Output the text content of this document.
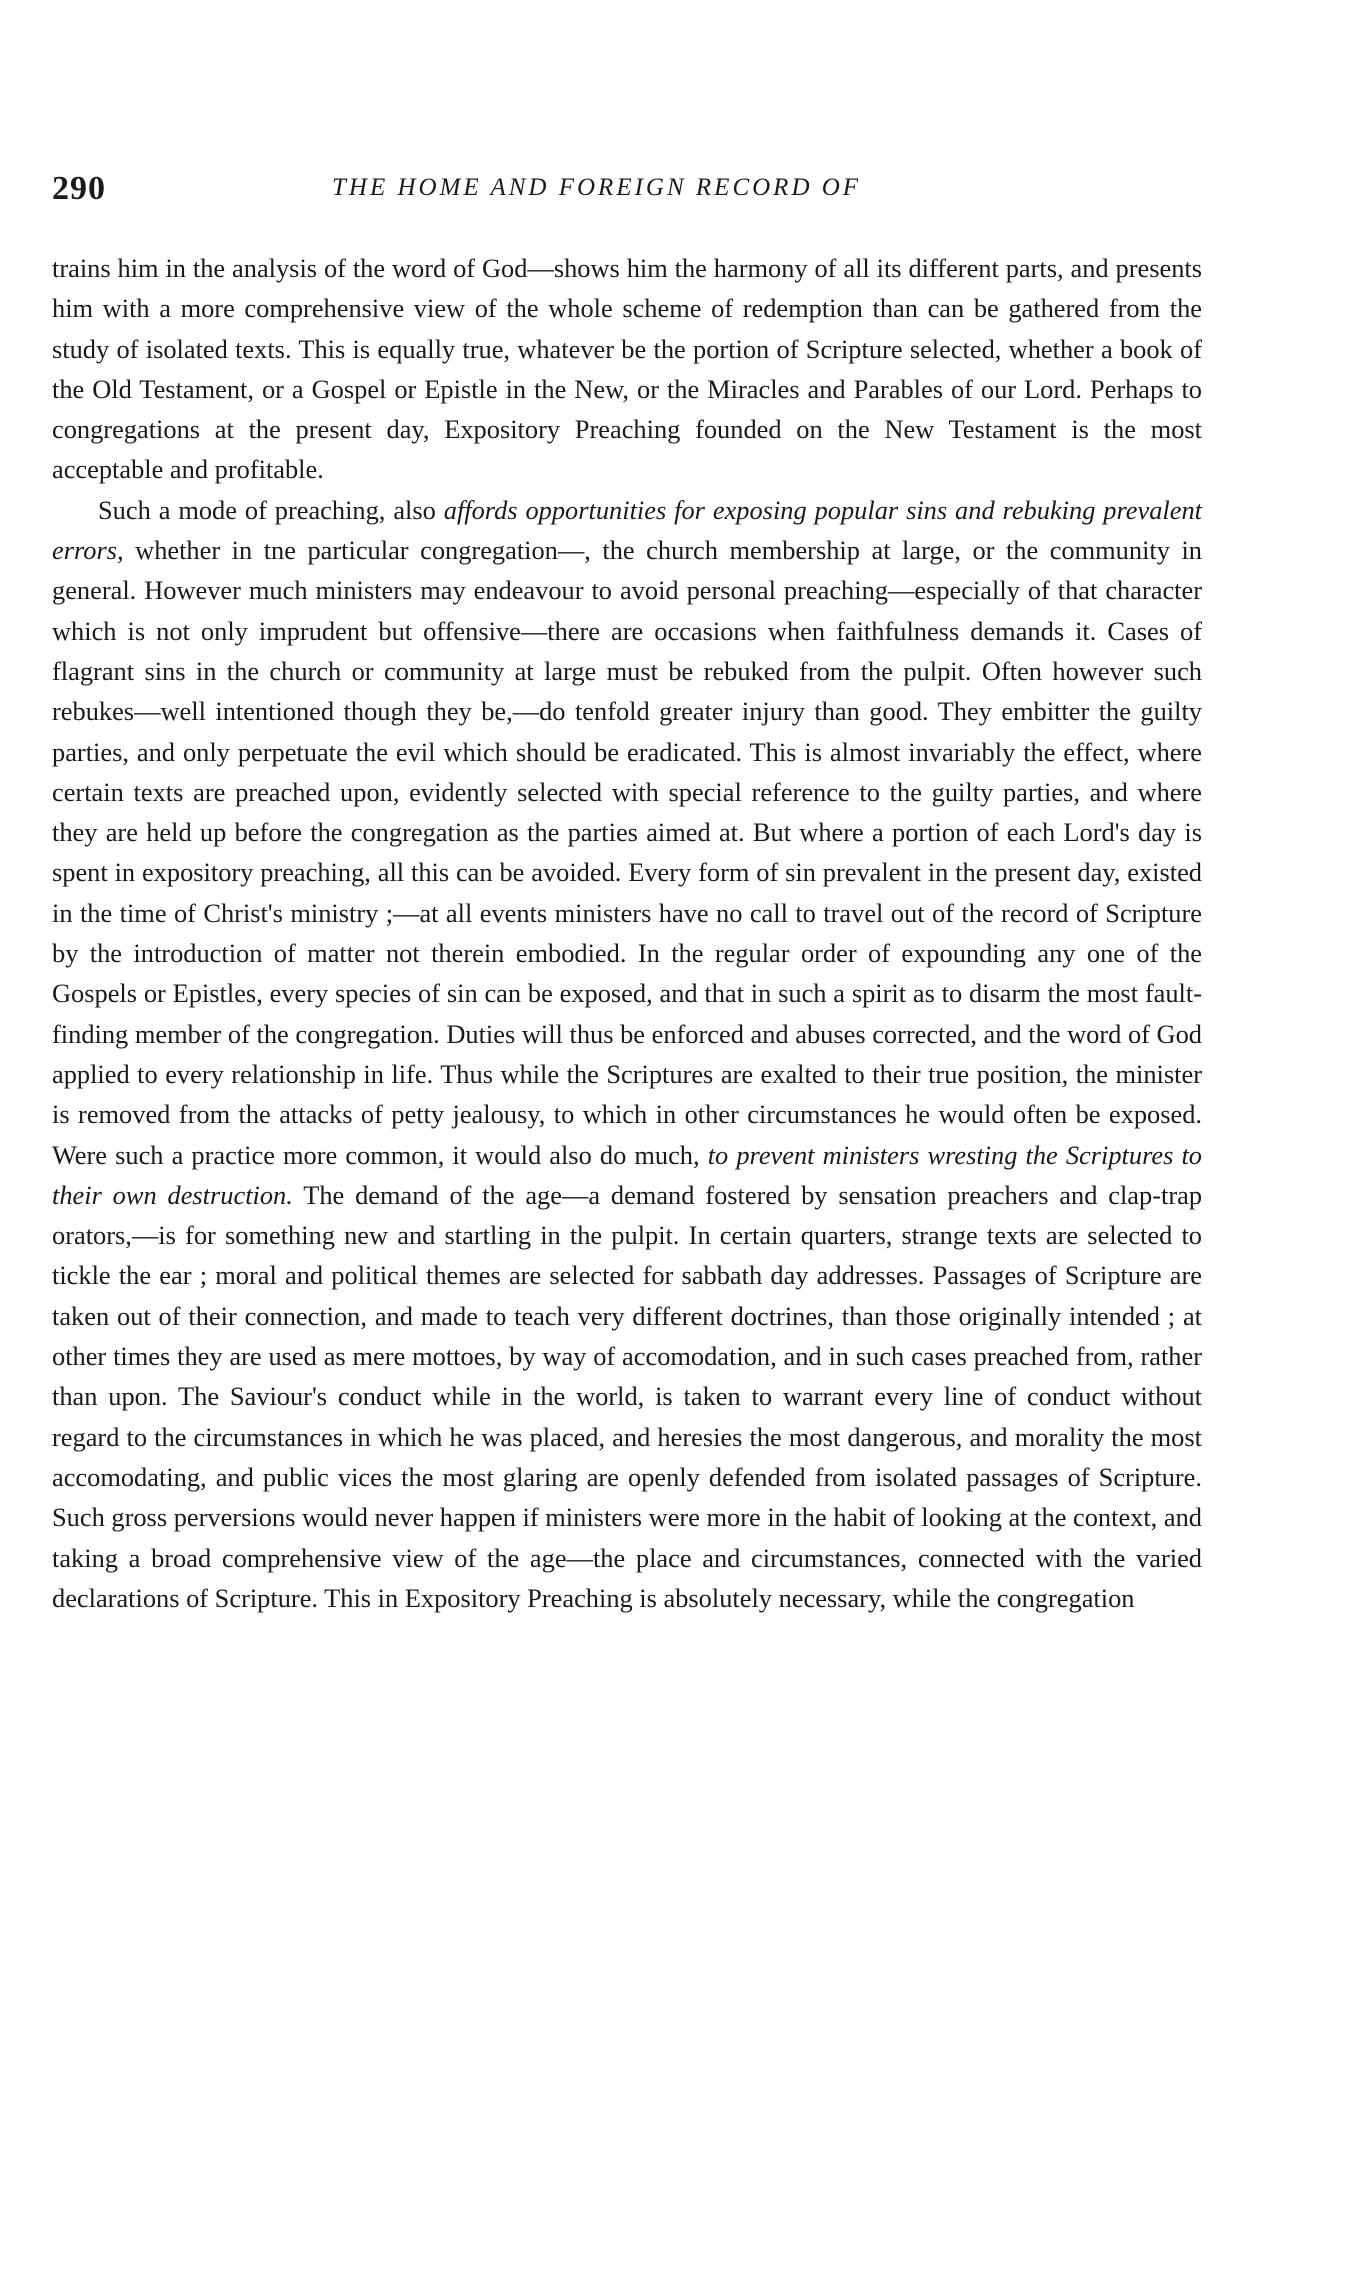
290	THE HOME AND FOREIGN RECORD OF

trains him in the analysis of the word of God—shows him the harmony of all its different parts, and presents him with a more comprehensive view of the whole scheme of redemption than can be gathered from the study of isolated texts. This is equally true, whatever be the portion of Scripture selected, whether a book of the Old Testament, or a Gospel or Epistle in the New, or the Miracles and Parables of our Lord. Perhaps to congregations at the present day, Expository Preaching founded on the New Testament is the most acceptable and profitable.

Such a mode of preaching, also affords opportunities for exposing popular sins and rebuking prevalent errors, whether in tne particular congregation—, the church membership at large, or the community in general. However much ministers may endeavour to avoid personal preaching—especially of that character which is not only imprudent but offensive—there are occasions when faithfulness demands it. Cases of flagrant sins in the church or community at large must be rebuked from the pulpit. Often however such rebukes—well intentioned though they be,—do tenfold greater injury than good. They embitter the guilty parties, and only perpetuate the evil which should be eradicated. This is almost invariably the effect, where certain texts are preached upon, evidently selected with special reference to the guilty parties, and where they are held up before the congregation as the parties aimed at. But where a portion of each Lord's day is spent in expository preaching, all this can be avoided. Every form of sin prevalent in the present day, existed in the time of Christ's ministry ;—at all events ministers have no call to travel out of the record of Scripture by the introduction of matter not therein embodied. In the regular order of expounding any one of the Gospels or Epistles, every species of sin can be exposed, and that in such a spirit as to disarm the most fault-finding member of the congregation. Duties will thus be enforced and abuses corrected, and the word of God applied to every relationship in life. Thus while the Scriptures are exalted to their true position, the minister is removed from the attacks of petty jealousy, to which in other circumstances he would often be exposed. Were such a practice more common, it would also do much, to prevent ministers wresting the Scriptures to their own destruction. The demand of the age—a demand fostered by sensation preachers and clap-trap orators,—is for something new and startling in the pulpit. In certain quarters, strange texts are selected to tickle the ear ; moral and political themes are selected for sabbath day addresses. Passages of Scripture are taken out of their connection, and made to teach very different doctrines, than those originally intended ; at other times they are used as mere mottoes, by way of accomodation, and in such cases preached from, rather than upon. The Saviour's conduct while in the world, is taken to warrant every line of conduct without regard to the circumstances in which he was placed, and heresies the most dangerous, and morality the most accomodating, and public vices the most glaring are openly defended from isolated passages of Scripture. Such gross perversions would never happen if ministers were more in the habit of looking at the context, and taking a broad comprehensive view of the age—the place and circumstances, connected with the varied declarations of Scripture. This in Expository Preaching is absolutely necessary, while the congregation
